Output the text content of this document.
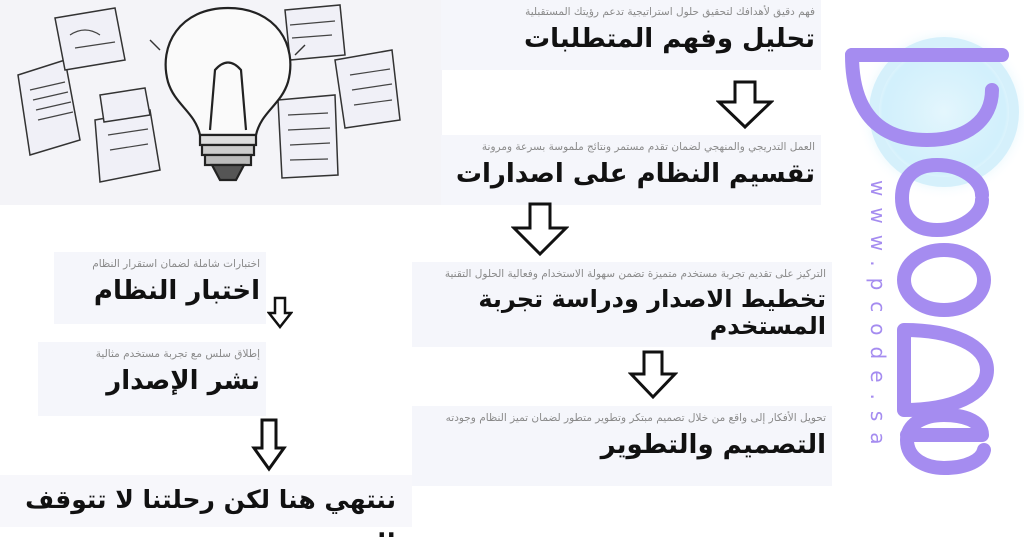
فهم دقيق لأهدافك لتحقيق حلول استراتيجية تدعم رؤيتك المستقبلية
تحليل وفهم المتطلبات
العمل التدريجي والمنهجي لضمان تقدم مستمر ونتائج ملموسة بسرعة ومرونة
تقسيم النظام على اصدارات
التركيز على تقديم تجربة مستخدم متميزة تضمن سهولة الاستخدام وفعالية الحلول التقنية
تخطيط الاصدار ودراسة تجربة المستخدم
تحويل الأفكار إلى واقع من خلال تصميم مبتكر وتطوير متطور لضمان تميز النظام وجودته
التصميم والتطوير
اختبارات شاملة لضمان استقرار النظام
اختبار النظام
إطلاق سلس مع تجربة مستخدم مثالية
نشر الإصدار
ننتهي هنا لكن رحلتنا لا تتوقف ..
www.pcode.sa
